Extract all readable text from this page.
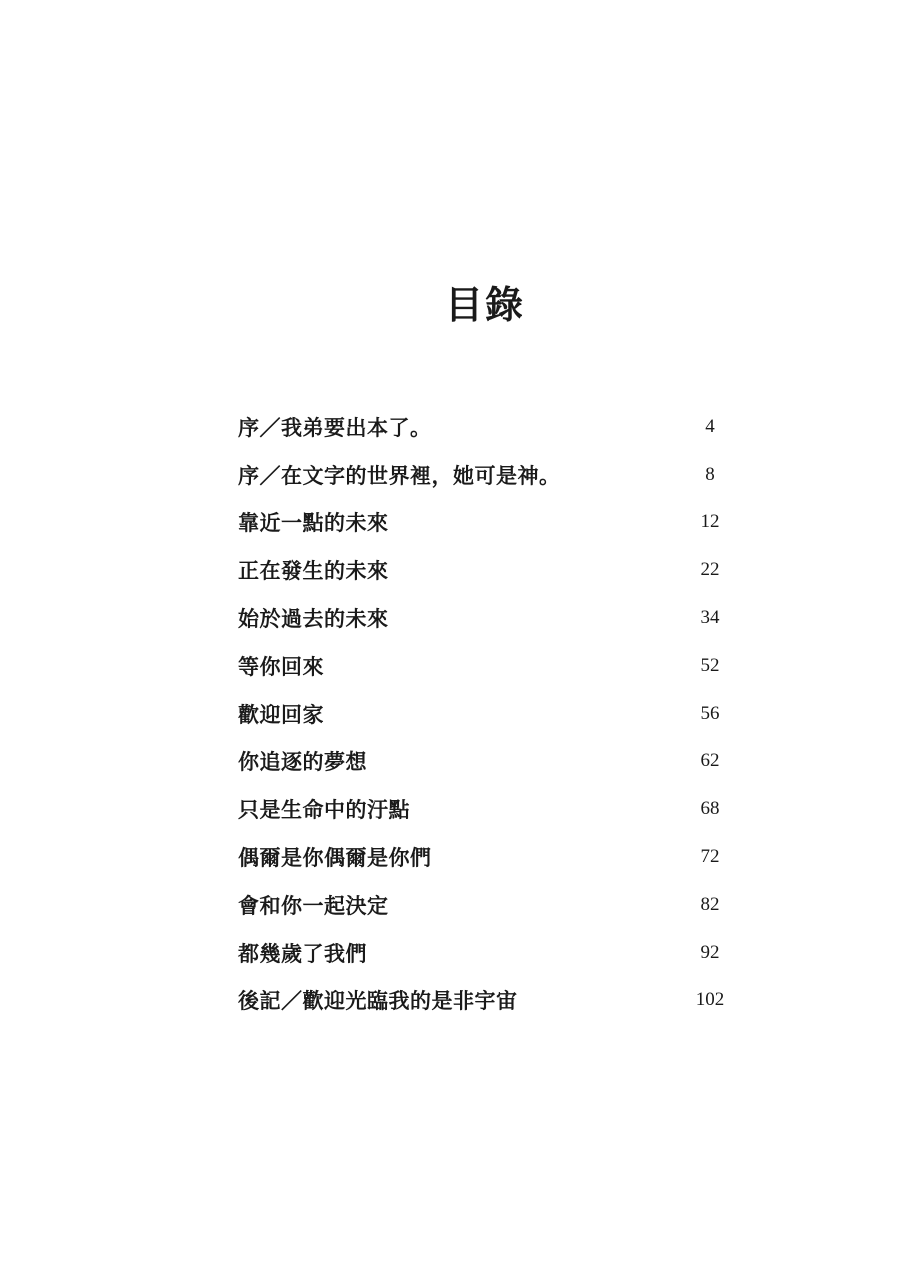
目錄
序／我弟要出本了。	4
序／在文字的世界裡，她可是神。	8
靠近一點的未來	12
正在發生的未來	22
始於過去的未來	34
等你回來	52
歡迎回家	56
你追逐的夢想	62
只是生命中的汙點	68
偶爾是你偶爾是你們	72
會和你一起決定	82
都幾歲了我們	92
後記／歡迎光臨我的是非宇宙	102
